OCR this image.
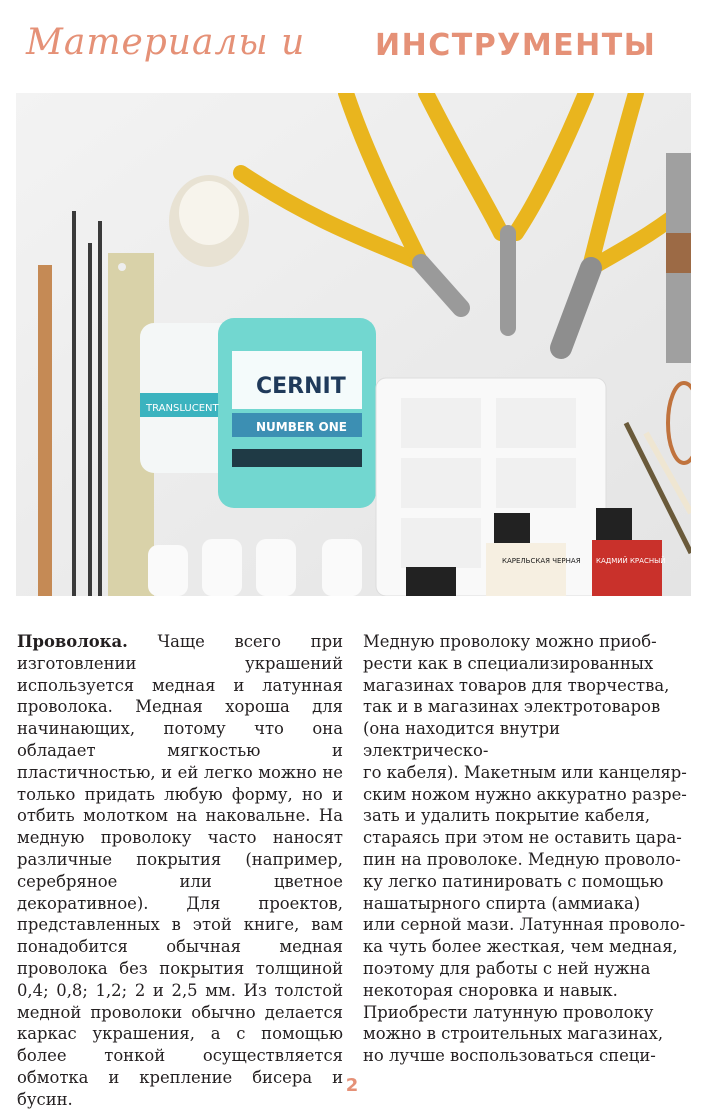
Материалы и ИНСТРУМЕНТЫ
CERNIT
TRANSLUCENT
NUMBER ONE
КАРЕЛЬСКАЯ ЧЕРНАЯ КАДМИЙ КРАСНЫЙ

Проволока. Чаще всего при изготовлении украшений используется медная и латунная проволока. Медная хороша для начинающих, потому что она обладает мягкостью и пластичностью, и ей легко можно не только придать любую форму, но и отбить молотком на наковальне. На медную проволоку часто наносят различные покрытия (например, серебряное или цветное декоративное). Для проектов, представленных в этой книге, вам понадобится обычная медная проволока без покрытия толщиной 0,4; 0,8; 1,2; 2 и 2,5 мм. Из толстой медной проволоки обычно делается каркас украшения, а с помощью более тонкой осуществляется обмотка и крепление бисера и бусин.

Медную проволоку можно приоб-
рести как в специализированных
магазинах товаров для творчества,
так и в магазинах электротоваров
(она находится внутри электрическо-
го кабеля). Макетным или канцеляр-
ским ножом нужно аккуратно разре-
зать и удалить покрытие кабеля,
стараясь при этом не оставить цара-
пин на проволоке. Медную проволо-
ку легко патинировать с помощью
нашатырного спирта (аммиака)
или серной мази. Латунная проволо-
ка чуть более жесткая, чем медная,
поэтому для работы с ней нужна
некоторая сноровка и навык.
Приобрести латунную проволоку
можно в строительных магазинах,
но лучше воспользоваться специ-
2
